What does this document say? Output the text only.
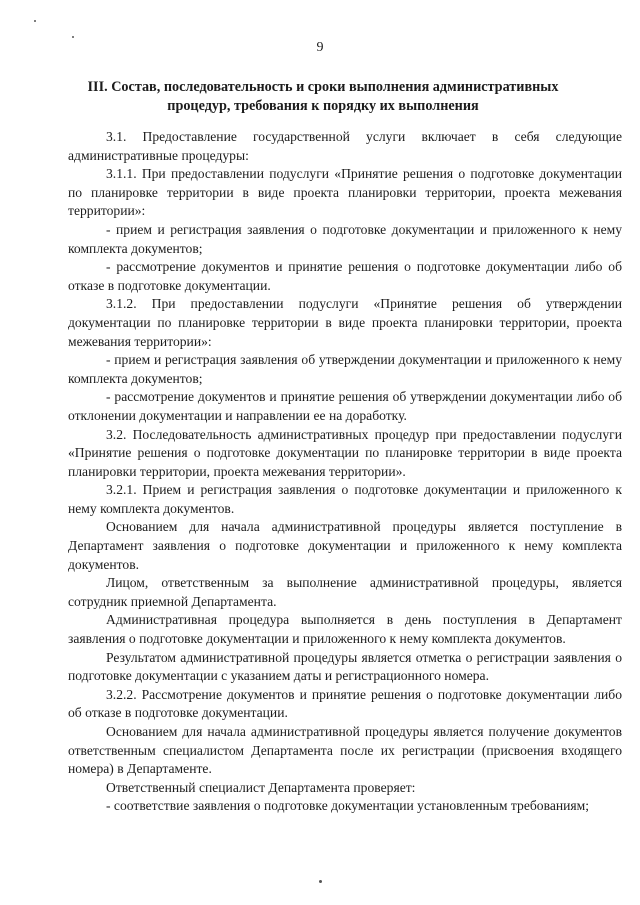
9
III. Состав, последовательность и сроки выполнения административных процедур, требования к порядку их выполнения

3.1. Предоставление государственной услуги включает в себя следующие административные процедуры:

3.1.1. При предоставлении подуслуги «Принятие решения о подготовке документации по планировке территории в виде проекта планировки территории, проекта межевания территории»:

- прием и регистрация заявления о подготовке документации и приложенного к нему комплекта документов;

- рассмотрение документов и принятие решения о подготовке документации либо об отказе в подготовке документации.

3.1.2. При предоставлении подуслуги «Принятие решения об утверждении документации по планировке территории в виде проекта планировки территории, проекта межевания территории»:

- прием и регистрация заявления об утверждении документации и приложенного к нему комплекта документов;

- рассмотрение документов и принятие решения об утверждении документации либо об отклонении документации и направлении ее на доработку.

3.2. Последовательность административных процедур при предоставлении подуслуги «Принятие решения о подготовке документации по планировке территории в виде проекта планировки территории, проекта межевания территории».

3.2.1. Прием и регистрация заявления о подготовке документации и приложенного к нему комплекта документов.

Основанием для начала административной процедуры является поступление в Департамент заявления о подготовке документации и приложенного к нему комплекта документов.

Лицом, ответственным за выполнение административной процедуры, является сотрудник приемной Департамента.

Административная процедура выполняется в день поступления в Департамент заявления о подготовке документации и приложенного к нему комплекта документов.

Результатом административной процедуры является отметка о регистрации заявления о подготовке документации с указанием даты и регистрационного номера.

3.2.2. Рассмотрение документов и принятие решения о подготовке документации либо об отказе в подготовке документации.

Основанием для начала административной процедуры является получение документов ответственным специалистом Департамента после их регистрации (присвоения входящего номера) в Департаменте.

Ответственный специалист Департамента проверяет:

- соответствие заявления о подготовке документации установленным требованиям;
